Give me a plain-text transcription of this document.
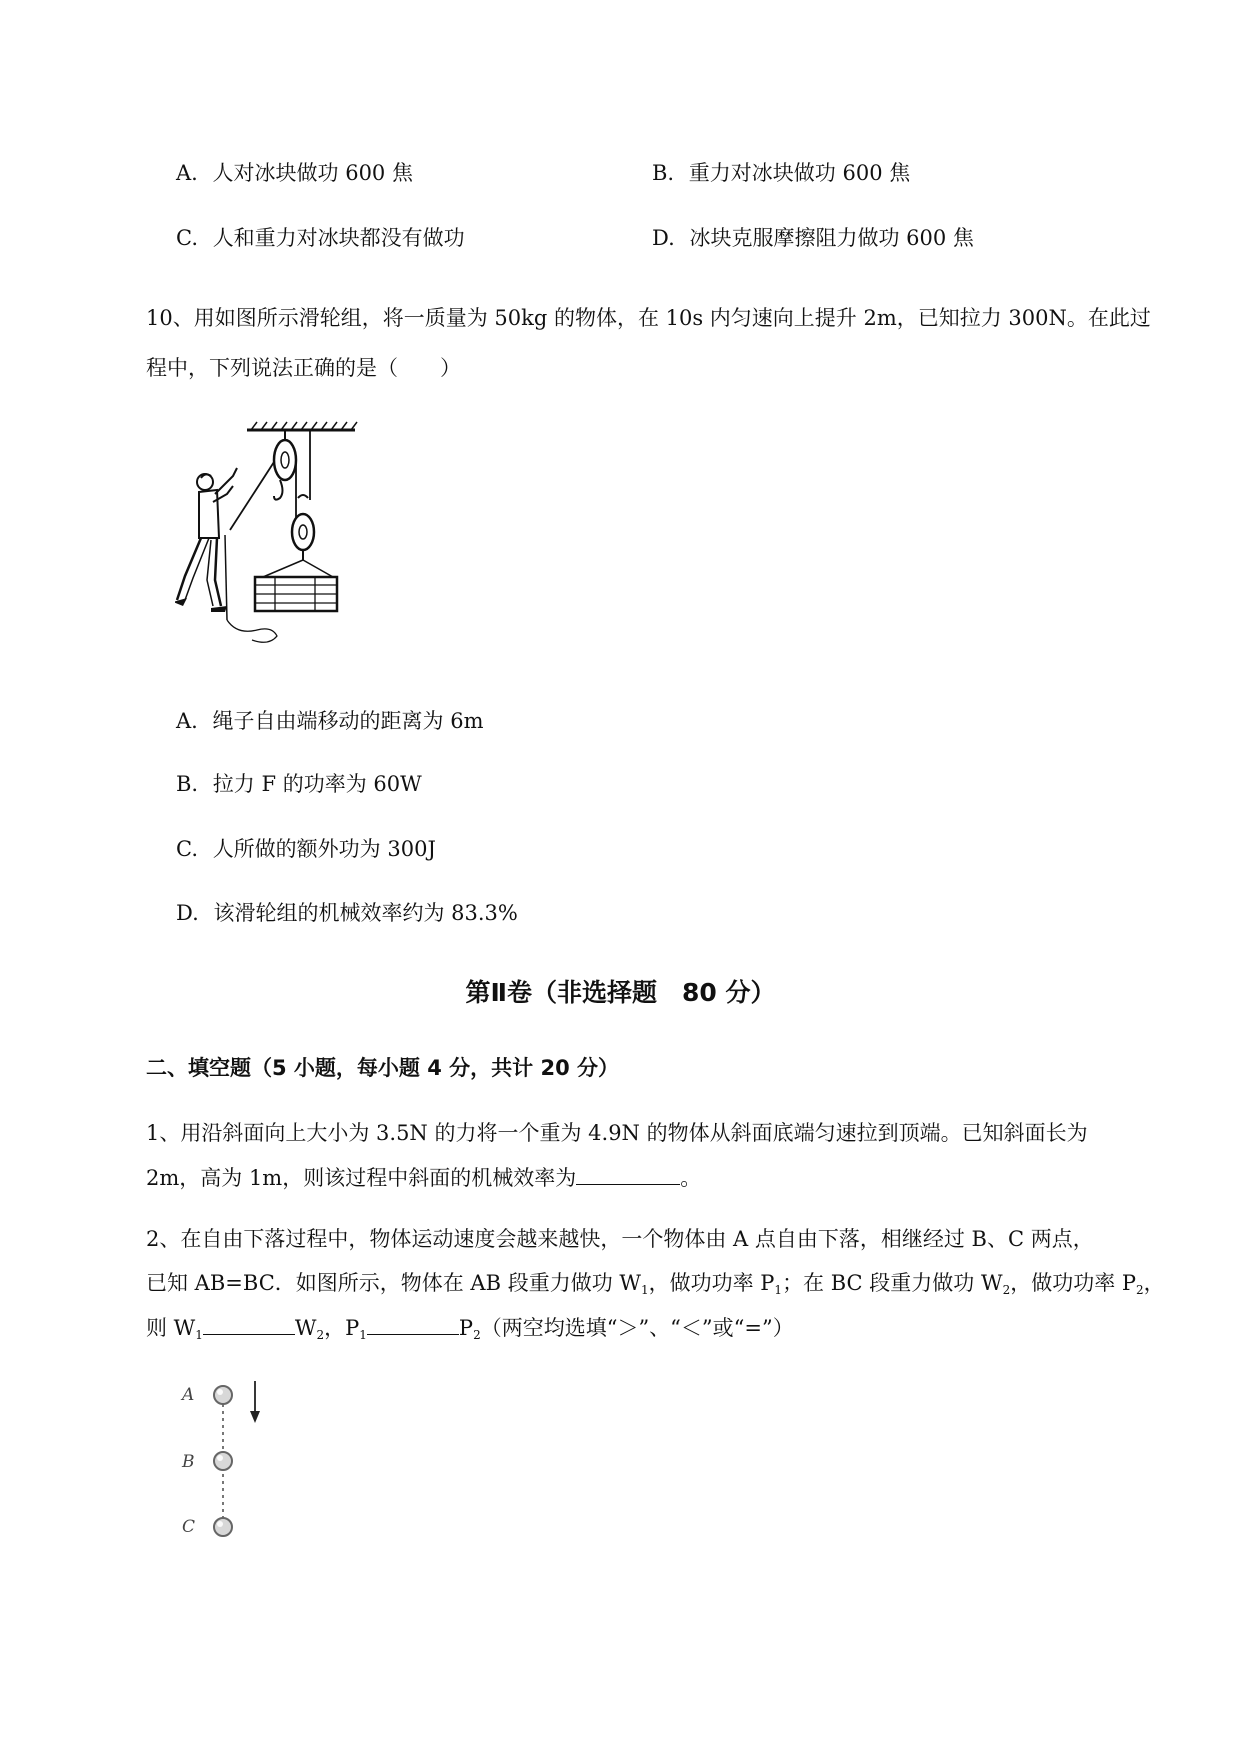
A. 人对冰块做功 600 焦	B. 重力对冰块做功 600 焦
C. 人和重力对冰块都没有做功	D. 冰块克服摩擦阻力做功 600 焦
10、用如图所示滑轮组，将一质量为 50kg 的物体，在 10s 内匀速向上提升 2m，已知拉力 300N。在此过
程中，下列说法正确的是（　　）
A. 绳子自由端移动的距离为 6m
B. 拉力 F 的功率为 60W
C. 人所做的额外功为 300J
D. 该滑轮组的机械效率约为 83.3%
第Ⅱ卷（非选择题　80 分）
二、填空题（5 小题，每小题 4 分，共计 20 分）
1、用沿斜面向上大小为 3.5N 的力将一个重为 4.9N 的物体从斜面底端匀速拉到顶端。已知斜面长为
2m，高为 1m，则该过程中斜面的机械效率为	。
2、在自由下落过程中，物体运动速度会越来越快，一个物体由 A 点自由下落，相继经过 B、C 两点，
已知 AB=BC．如图所示，物体在 AB 段重力做功 $W_1$，做功功率 $P_1$；在 BC 段重力做功 $W_2$，做功功率 $P_2$，
则 $W_1$	$W_2$，$P_1$	$P_2$（两空均选填“＞”、“＜”或“=”）
A
B
C
